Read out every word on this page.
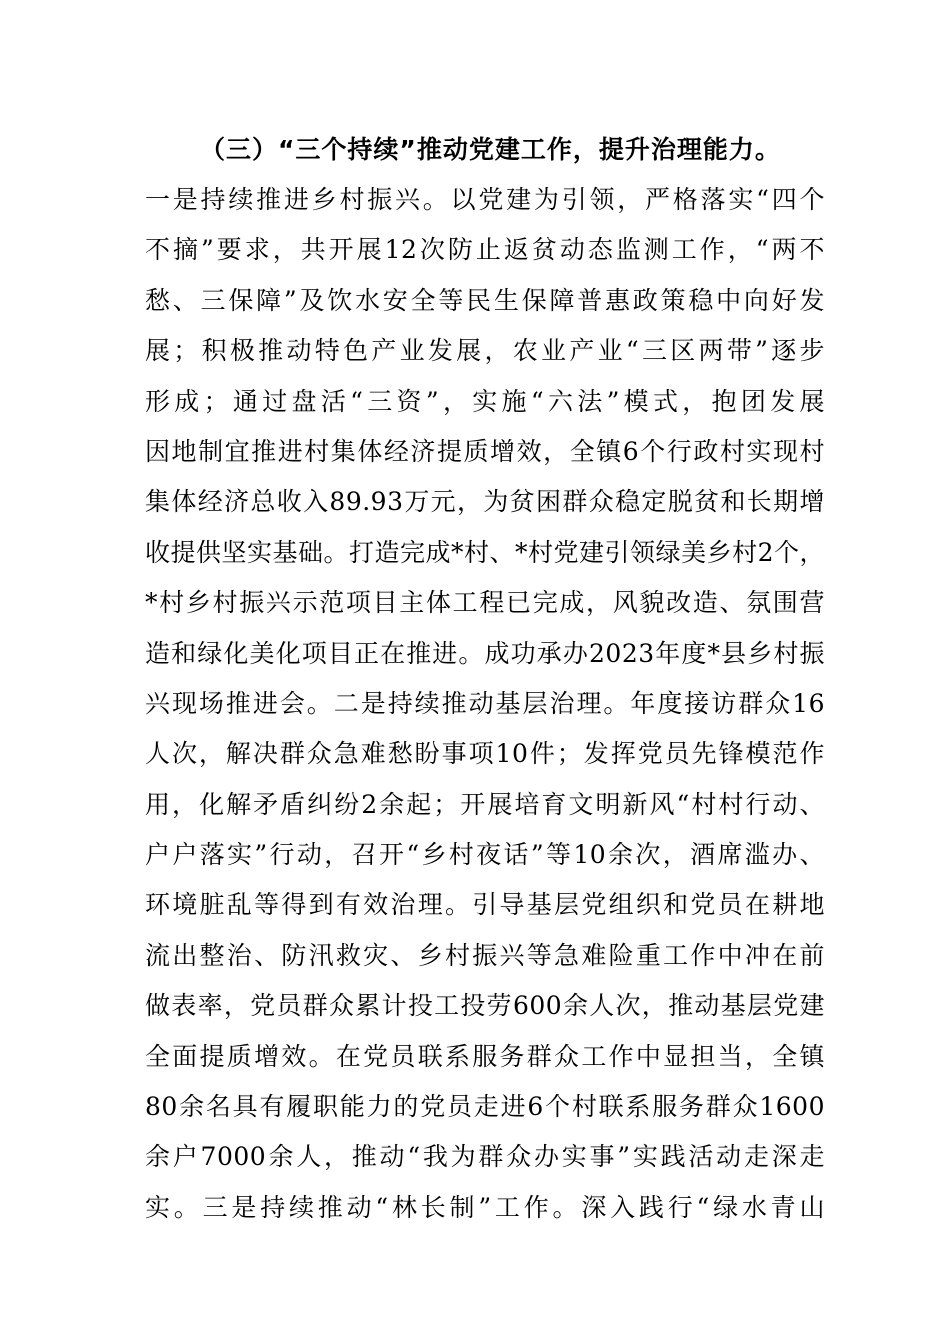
（三）“三个持续”推动党建工作，提升治理能力。
一是持续推进乡村振兴。以党建为引领，严格落实“四个
不摘”要求，共开展12次防止返贫动态监测工作，“两不
愁、三保障”及饮水安全等民生保障普惠政策稳中向好发
展；积极推动特色产业发展，农业产业“三区两带”逐步
形成；通过盘活“三资”，实施“六法”模式，抱团发展
因地制宜推进村集体经济提质增效，全镇6个行政村实现村
集体经济总收入89.93万元，为贫困群众稳定脱贫和长期增
收提供坚实基础。打造完成*村、*村党建引领绿美乡村2个，
*村乡村振兴示范项目主体工程已完成，风貌改造、氛围营
造和绿化美化项目正在推进。成功承办2023年度*县乡村振
兴现场推进会。二是持续推动基层治理。年度接访群众16
人次，解决群众急难愁盼事项10件；发挥党员先锋模范作
用，化解矛盾纠纷2余起；开展培育文明新风“村村行动、
户户落实”行动，召开“乡村夜话”等10余次，酒席滥办、
环境脏乱等得到有效治理。引导基层党组织和党员在耕地
流出整治、防汛救灾、乡村振兴等急难险重工作中冲在前
做表率，党员群众累计投工投劳600余人次，推动基层党建
全面提质增效。在党员联系服务群众工作中显担当，全镇
80余名具有履职能力的党员走进6个村联系服务群众1600
余户7000余人，推动“我为群众办实事”实践活动走深走
实。三是持续推动“林长制”工作。深入践行“绿水青山
